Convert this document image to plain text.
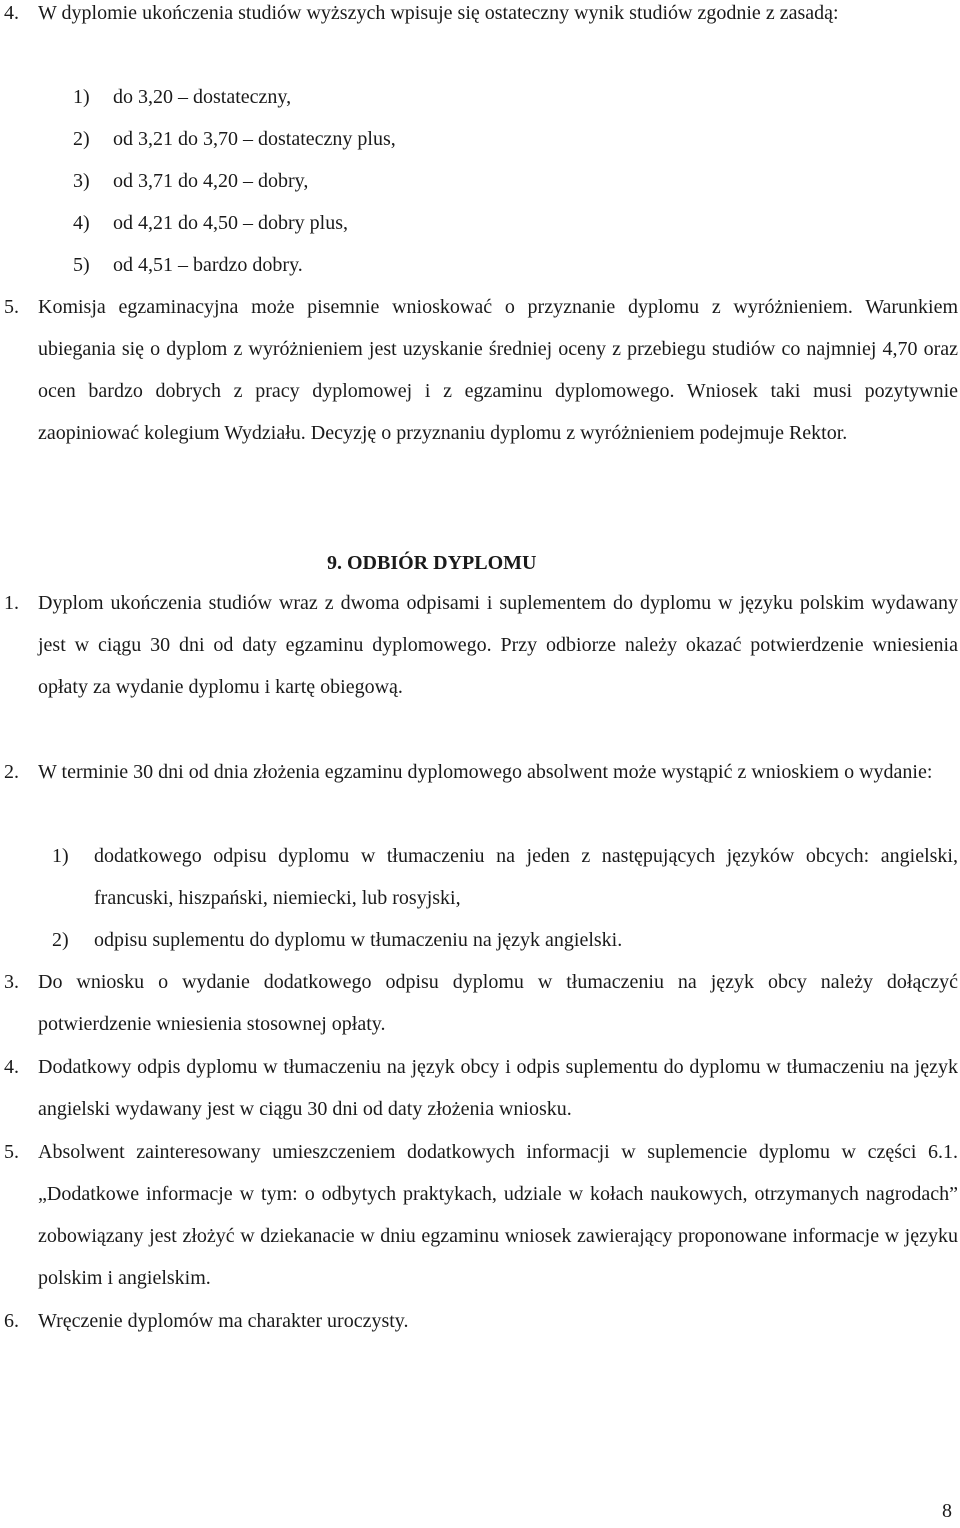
4. W dyplomie ukończenia studiów wyższych wpisuje się ostateczny wynik studiów zgodnie z zasadą:
1) do 3,20 – dostateczny,
2) od 3,21 do 3,70 – dostateczny plus,
3) od 3,71 do 4,20 – dobry,
4) od 4,21 do 4,50 – dobry plus,
5) od 4,51 – bardzo dobry.
5. Komisja egzaminacyjna może pisemnie wnioskować o przyznanie dyplomu z wyróżnieniem. Warunkiem ubiegania się o dyplom z wyróżnieniem jest uzyskanie średniej oceny z przebiegu studiów co najmniej 4,70 oraz ocen bardzo dobrych z pracy dyplomowej i z egzaminu dyplomowego. Wniosek taki musi pozytywnie zaopiniować kolegium Wydziału. Decyzję o przyznaniu dyplomu z wyróżnieniem podejmuje Rektor.
9. ODBIÓR DYPLOMU
1. Dyplom ukończenia studiów wraz z dwoma odpisami i suplementem do dyplomu w języku polskim wydawany jest w ciągu 30 dni od daty egzaminu dyplomowego. Przy odbiorze należy okazać potwierdzenie wniesienia opłaty za wydanie dyplomu i kartę obiegową.
2. W terminie 30 dni od dnia złożenia egzaminu dyplomowego absolwent może wystąpić z wnioskiem o wydanie:
1) dodatkowego odpisu dyplomu w tłumaczeniu na jeden z następujących języków obcych: angielski, francuski, hiszpański, niemiecki, lub rosyjski,
2) odpisu suplementu do dyplomu w tłumaczeniu na język angielski.
3. Do wniosku o wydanie dodatkowego odpisu dyplomu w tłumaczeniu na język obcy należy dołączyć potwierdzenie wniesienia stosownej opłaty.
4. Dodatkowy odpis dyplomu w tłumaczeniu na język obcy i odpis suplementu do dyplomu w tłumaczeniu na język angielski wydawany jest w ciągu 30 dni od daty złożenia wniosku.
5. Absolwent zainteresowany umieszczeniem dodatkowych informacji w suplemencie dyplomu w części 6.1. „Dodatkowe informacje w tym: o odbytych praktykach, udziale w kołach naukowych, otrzymanych nagrodach” zobowiązany jest złożyć w dziekanacie w dniu egzaminu wniosek zawierający proponowane informacje w języku polskim i angielskim.
6. Wręczenie dyplomów ma charakter uroczysty.
8
